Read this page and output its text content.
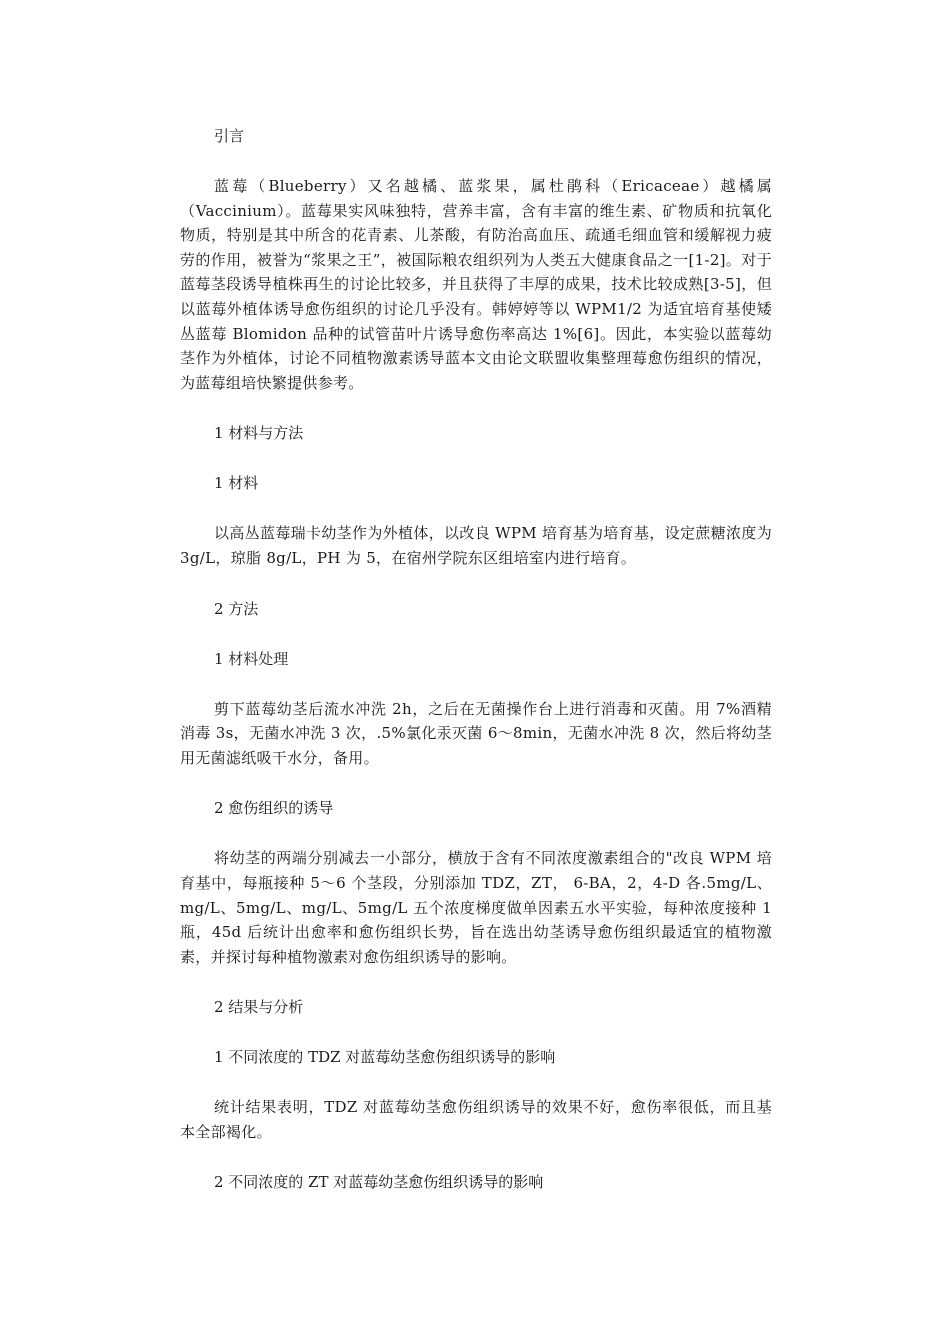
引言

蓝莓（Blueberry）又名越橘、蓝浆果，属杜鹃科（Ericaceae）越橘属（Vaccinium）。蓝莓果实风味独特，营养丰富，含有丰富的维生素、矿物质和抗氧化物质，特别是其中所含的花青素、儿茶酸，有防治高血压、疏通毛细血管和缓解视力疲劳的作用，被誉为“浆果之王”，被国际粮农组织列为人类五大健康食品之一[1-2]。对于蓝莓茎段诱导植株再生的讨论比较多，并且获得了丰厚的成果，技术比较成熟[3-5]，但以蓝莓外植体诱导愈伤组织的讨论几乎没有。韩婷婷等以 WPM1/2 为适宜培育基使矮丛蓝莓 Blomidon 品种的试管苗叶片诱导愈伤率高达 1%[6]。因此，本实验以蓝莓幼茎作为外植体，讨论不同植物激素诱导蓝本文由论文联盟收集整理莓愈伤组织的情况，为蓝莓组培快繁提供参考。

1 材料与方法
1 材料

以高丛蓝莓瑞卡幼茎作为外植体，以改良 WPM 培育基为培育基，设定蔗糖浓度为 3g/L，琼脂 8g/L，PH 为 5，在宿州学院东区组培室内进行培育。

2 方法
1 材料处理

剪下蓝莓幼茎后流水冲洗 2h，之后在无菌操作台上进行消毒和灭菌。用 7%酒精消毒 3s，无菌水冲洗 3 次，.5%氯化汞灭菌 6～8min，无菌水冲洗 8 次，然后将幼茎用无菌滤纸吸干水分，备用。

2 愈伤组织的诱导

将幼茎的两端分别减去一小部分，横放于含有不同浓度激素组合的"改良 WPM 培育基中，每瓶接种 5～6 个茎段，分别添加 TDZ，ZT， 6-BA，2，4-D 各.5mg/L、mg/L、5mg/L、mg/L、5mg/L 五个浓度梯度做单因素五水平实验，每种浓度接种 1 瓶，45d 后统计出愈率和愈伤组织长势，旨在选出幼茎诱导愈伤组织最适宜的植物激素，并探讨每种植物激素对愈伤组织诱导的影响。

2 结果与分析
1 不同浓度的 TDZ 对蓝莓幼茎愈伤组织诱导的影响

统计结果表明，TDZ 对蓝莓幼茎愈伤组织诱导的效果不好，愈伤率很低，而且基本全部褐化。

2 不同浓度的 ZT 对蓝莓幼茎愈伤组织诱导的影响
